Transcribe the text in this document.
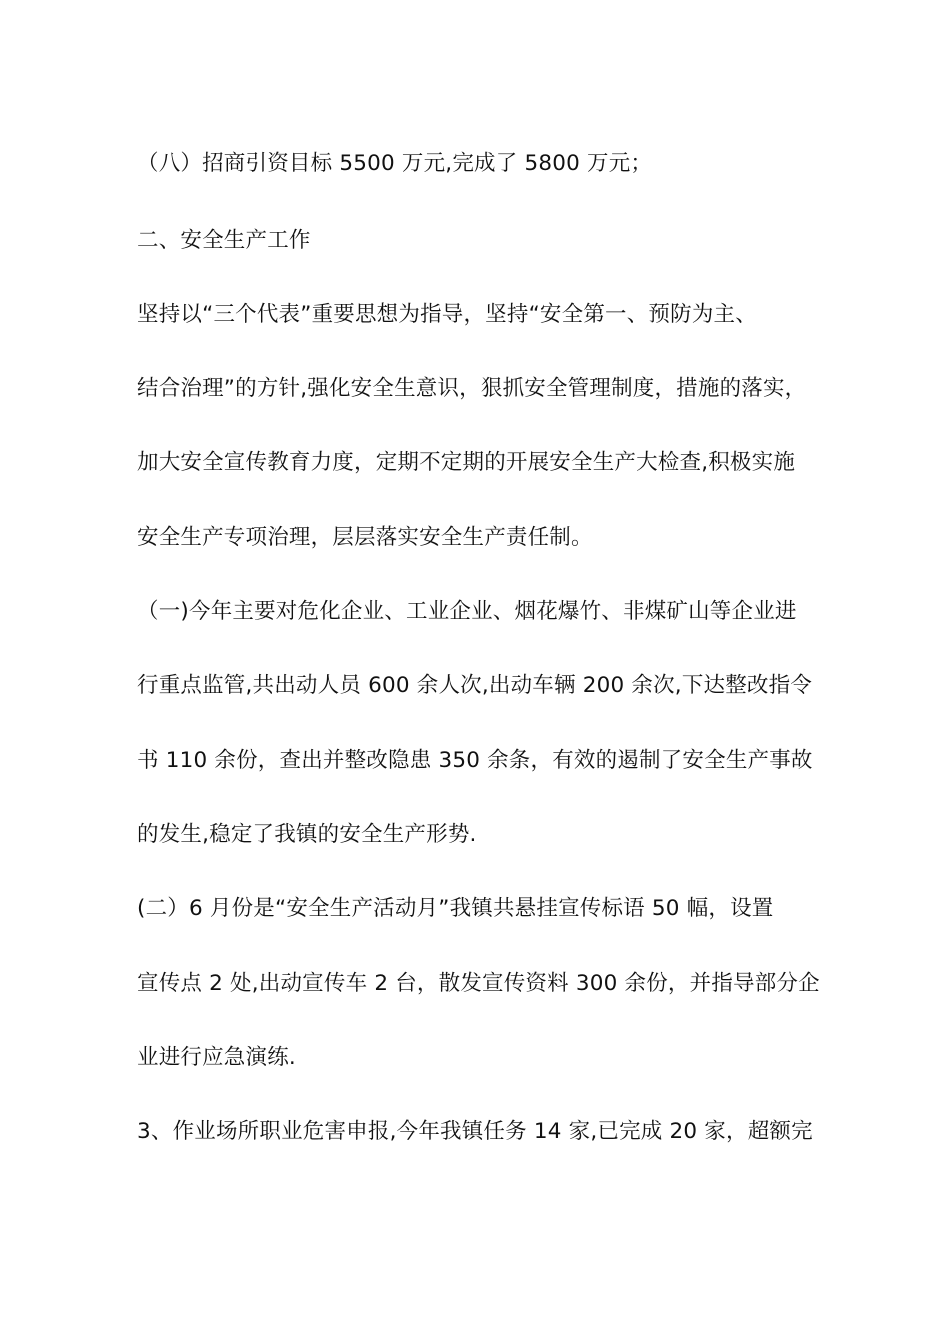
（八）招商引资目标 5500 万元,完成了 5800 万元；
二、安全生产工作
坚持以“三个代表”重要思想为指导，坚持“安全第一、预防为主、
结合治理”的方针,强化安全生意识，狠抓安全管理制度，措施的落实，
加大安全宣传教育力度，定期不定期的开展安全生产大检查,积极实施
安全生产专项治理，层层落实安全生产责任制。
（一)今年主要对危化企业、工业企业、烟花爆竹、非煤矿山等企业进
行重点监管,共出动人员 600 余人次,出动车辆 200 余次,下达整改指令
书 110 余份，查出并整改隐患 350 余条，有效的遏制了安全生产事故
的发生,稳定了我镇的安全生产形势.
(二）6 月份是“安全生产活动月”我镇共悬挂宣传标语 50 幅，设置
宣传点 2 处,出动宣传车 2 台，散发宣传资料 300 余份，并指导部分企
业进行应急演练.
3、作业场所职业危害申报,今年我镇任务 14 家,已完成 20 家，超额完
